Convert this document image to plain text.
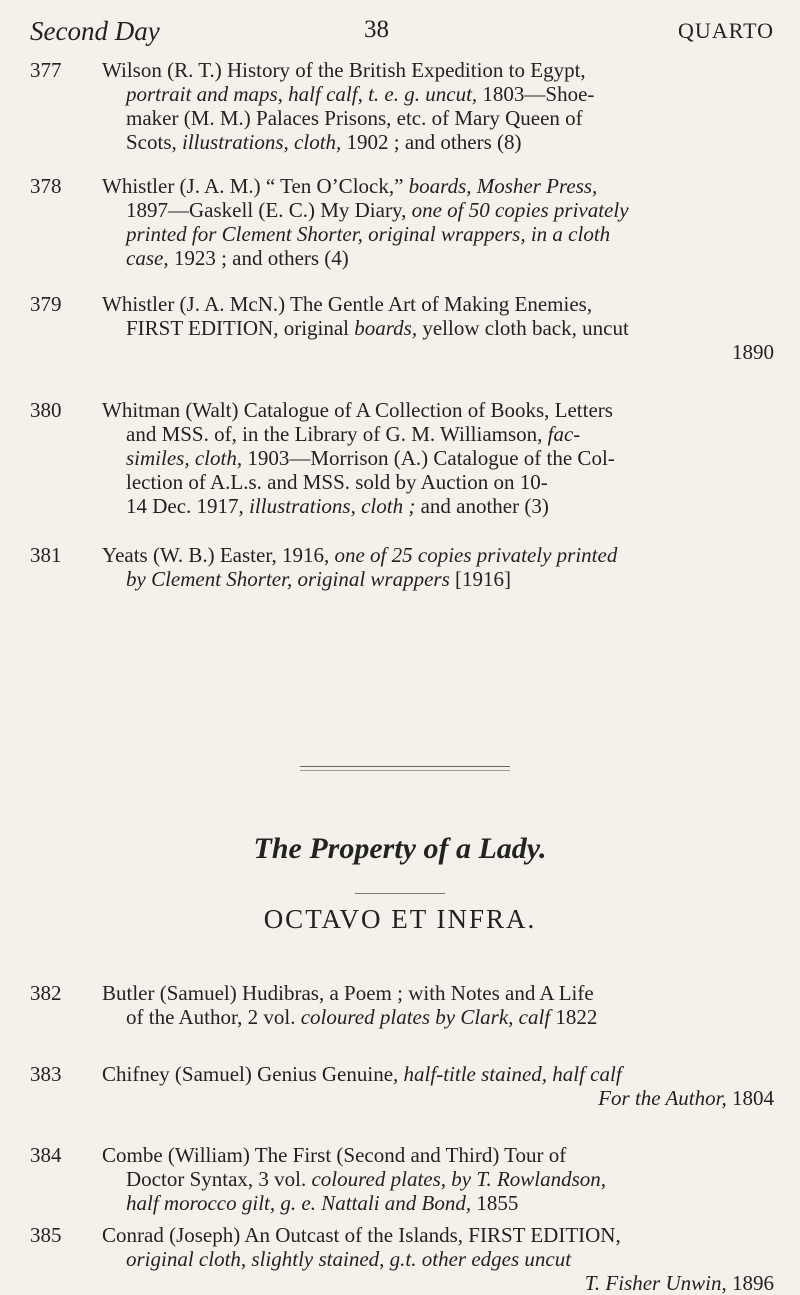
Second Day	38	QUARTO
377	Wilson (R. T.) History of the British Expedition to Egypt,
portrait and maps, half calf, t. e. g. uncut, 1803—Shoe-
maker (M. M.) Palaces Prisons, etc. of Mary Queen of
Scots, illustrations, cloth, 1902 ; and others (8)
378	Whistler (J. A. M.) “ Ten O’Clock,” boards, Mosher Press,
1897—Gaskell (E. C.) My Diary, one of 50 copies privately
printed for Clement Shorter, original wrappers, in a cloth
case, 1923 ; and others (4)
379	Whistler (J. A. McN.) The Gentle Art of Making Enemies,
FIRST EDITION, original boards, yellow cloth back, uncut
1890
380	Whitman (Walt) Catalogue of A Collection of Books, Letters
and MSS. of, in the Library of G. M. Williamson, fac-
similes, cloth, 1903—Morrison (A.) Catalogue of the Col-
lection of A.L.s. and MSS. sold by Auction on 10-
14 Dec. 1917, illustrations, cloth ; and another (3)
381	Yeats (W. B.) Easter, 1916, one of 25 copies privately printed
by Clement Shorter, original wrappers [1916]
The Property of a Lady.
OCTAVO ET INFRA.
382	Butler (Samuel) Hudibras, a Poem ; with Notes and A Life
of the Author, 2 vol. coloured plates by Clark, calf 1822
383	Chifney (Samuel) Genius Genuine, half-title stained, half calf
For the Author, 1804
384	Combe (William) The First (Second and Third) Tour of
Doctor Syntax, 3 vol. coloured plates, by T. Rowlandson,
half morocco gilt, g. e. Nattali and Bond, 1855
385	Conrad (Joseph) An Outcast of the Islands, FIRST EDITION,
original cloth, slightly stained, g.t. other edges uncut
T. Fisher Unwin, 1896
